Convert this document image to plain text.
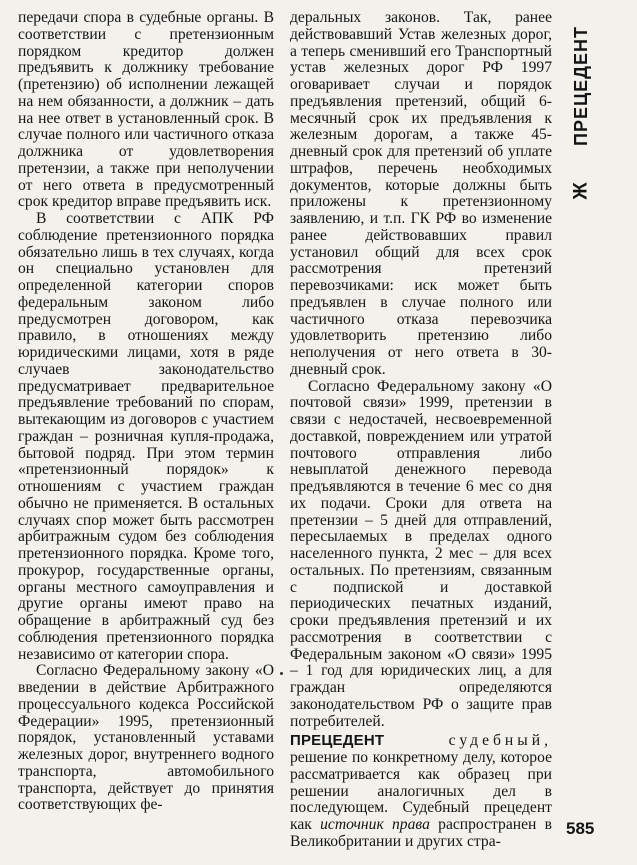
передачи спора в судебные органы. В соответствии с претензионным порядком кредитор должен предъявить к должнику требование (претензию) об исполнении лежащей на нем обязанности, а должник – дать на нее ответ в установленный срок. В случае полного или частичного отказа должника от удовлетворения претензии, а также при неполучении от него ответа в предусмотренный срок кредитор вправе предъявить иск.

В соответствии с АПК РФ соблюдение претензионного порядка обязательно лишь в тех случаях, когда он специально установлен для определенной категории споров федеральным законом либо предусмотрен договором, как правило, в отношениях между юридическими лицами, хотя в ряде случаев законодательство предусматривает предварительное предъявление требований по спорам, вытекающим из договоров с участием граждан – розничная купля-продажа, бытовой подряд. При этом термин «претензионный порядок» к отношениям с участием граждан обычно не применяется. В остальных случаях спор может быть рассмотрен арбитражным судом без соблюдения претензионного порядка. Кроме того, прокурор, государственные органы, органы местного самоуправления и другие органы имеют право на обращение в арбитражный суд без соблюдения претензионного порядка независимо от категории спора.

Согласно Федеральному закону «О введении в действие Арбитражного процессуального кодекса Российской Федерации» 1995, претензионный порядок, установленный уставами железных дорог, внутреннего водного транспорта, автомобильного транспорта, действует до принятия соответствующих фе-

деральных законов. Так, ранее действовавший Устав железных дорог, а теперь сменивший его Транспортный устав железных дорог РФ 1997 оговаривает случаи и порядок предъявления претензий, общий 6-месячный срок их предъявления к железным дорогам, а также 45-дневный срок для претензий об уплате штрафов, перечень необходимых документов, которые должны быть приложены к претензионному заявлению, и т.п. ГК РФ во изменение ранее действовавших правил установил общий для всех срок рассмотрения претензий перевозчиками: иск может быть предъявлен в случае полного или частичного отказа перевозчика удовлетворить претензию либо неполучения от него ответа в 30-дневный срок.

Согласно Федеральному закону «О почтовой связи» 1999, претензии в связи с недостачей, несвоевременной доставкой, повреждением или утратой почтового отправления либо невыплатой денежного перевода предъявляются в течение 6 мес со дня их подачи. Сроки для ответа на претензии – 5 дней для отправлений, пересылаемых в пределах одного населенного пункта, 2 мес – для всех остальных. По претензиям, связанным с подпиской и доставкой периодических печатных изданий, сроки предъявления претензий и их рассмотрения в соответствии с Федеральным законом «О связи» 1995 – 1 год для юридических лиц, а для граждан определяются законодательством РФ о защите прав потребителей.

ПРЕЦЕДЕНТ	судебный, решение по конкретному делу, которое рассматривается как образец при решении аналогичных дел в последующем. Судебный прецедент как источник права распространен в Великобритании и других стра-

ПРЕЦЕДЕНТ
Ж
585
